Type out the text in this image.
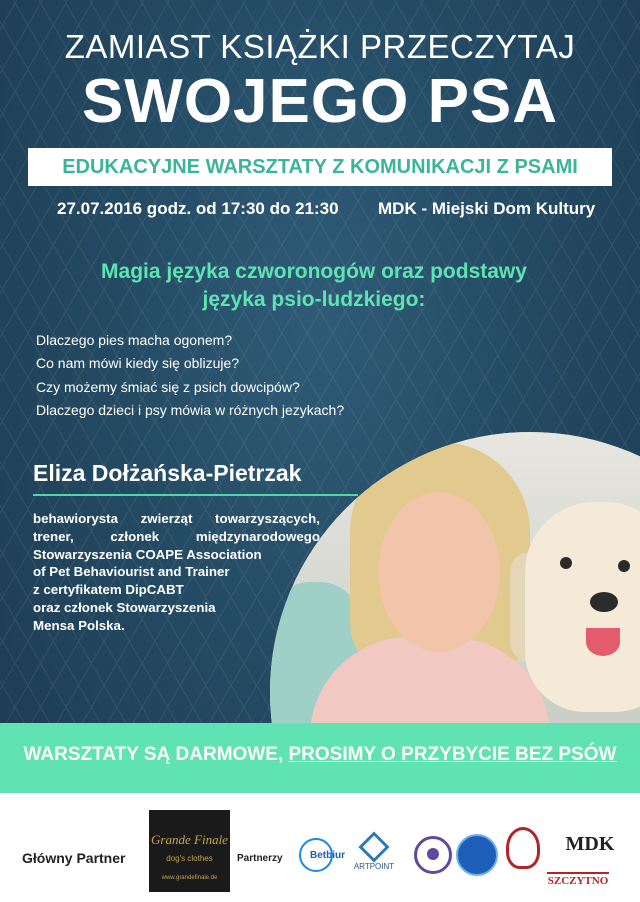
ZAMIAST KSIĄŻKI PRZECZYTAJ
SWOJEGO PSA
EDUKACYJNE WARSZTATY Z KOMUNIKACJI Z PSAMI
27.07.2016 godz. od 17:30 do 21:30 MDK - Miejski Dom Kultury
Magia języka czworonogów oraz podstawy
języka psio-ludzkiego:
Dlaczego pies macha ogonem?
Co nam mówi kiedy się oblizuje?
Czy możemy śmiać się z psich dowcipów?
Dlaczego dzieci i psy mówia w różnych jezykach?
Eliza Dołżańska-Pietrzak
behawiorysta zwierząt towarzyszących,
trener, członek międzynarodowego
Stowarzyszenia COAPE Association
of Pet Behaviourist and Trainer
z certyfikatem DipCABT
oraz członek Stowarzyszenia
Mensa Polska.
WARSZTATY SĄ DARMOWE, PROSIMY O PRZYBYCIE BEZ PSÓW
Główny Partner
Grande Finale
dog's clothes
www.grandefinale.de
Partnerzy	Betbiur
ARTPOINT
MDK
SZCZYTNO
